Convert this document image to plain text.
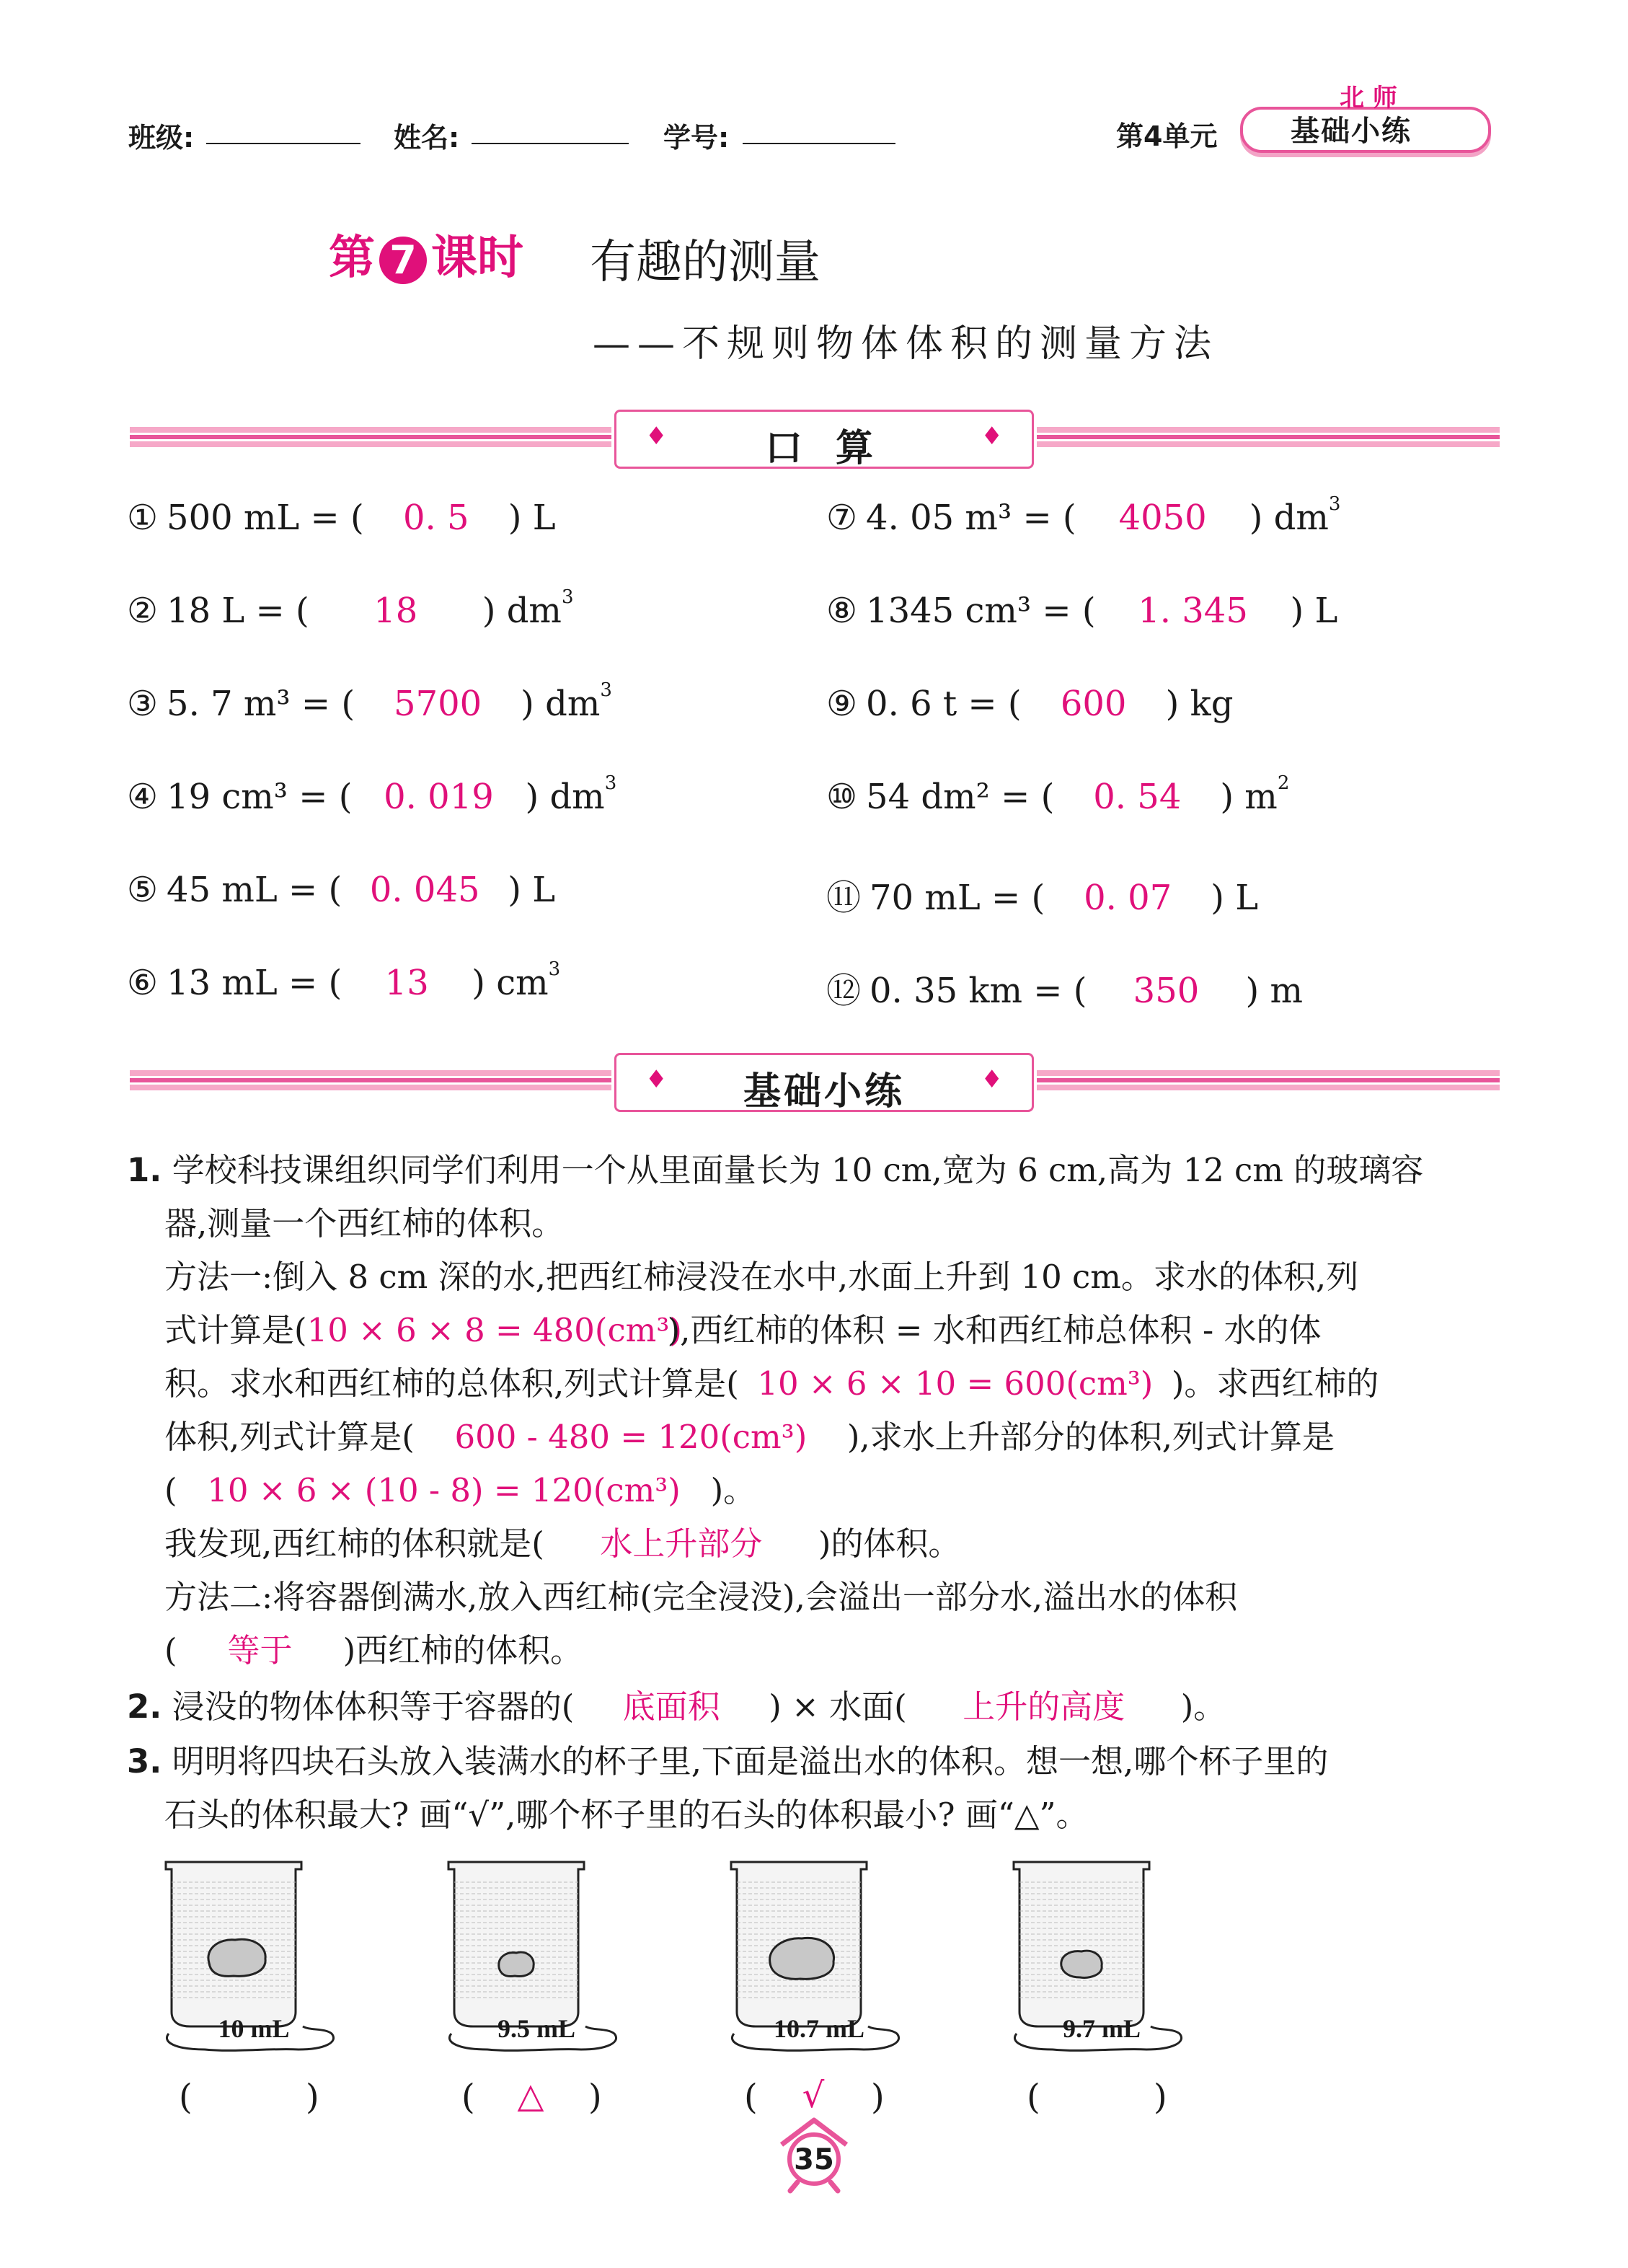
班级:	姓名:	学号:	第4单元
北 师
基础小练
第 7 课时 有趣的测量
——不规则物体体积的测量方法
♦	口 算	♦
① 500 mL = ( 0. 5 ) L
② 18 L = ( 18 ) $dm^3$
③ 5. 7 m³ = ( 5700 ) $dm^3$
④ 19 cm³ = ( 0. 019 ) $dm^3$
⑤ 45 mL = ( 0. 045 ) L
⑥ 13 mL = ( 13 ) $cm^3$
⑦ 4. 05 m³ = ( 4050 ) $dm^3$
⑧ 1345 cm³ = ( 1. 345 ) L
⑨ 0. 6 t = ( 600 ) kg
⑩ 54 dm² = ( 0. 54 ) $m^2$
⑪ 70 mL = ( 0. 07 ) L
⑫ 0. 35 km = ( 350 ) m
♦	基础小练	♦
1. 学校科技课组织同学们利用一个从里面量长为 10 cm,宽为 6 cm,高为 12 cm 的玻璃容
器,测量一个西红柿的体积。
方法一:倒入 8 cm 深的水,把西红柿浸没在水中,水面上升到 10 cm。求水的体积,列
式计算是(10 × 6 × 8 = 480(cm³)),西红柿的体积 = 水和西红柿总体积 - 水的体
积。求水和西红柿的总体积,列式计算是( 10 × 6 × 10 = 600(cm³) )。求西红柿的
体积,列式计算是( 600 - 480 = 120(cm³) ),求水上升部分的体积,列式计算是
( 10 × 6 × (10 - 8) = 120(cm³) )。
我发现,西红柿的体积就是( 水上升部分 )的体积。
方法二:将容器倒满水,放入西红柿(完全浸没),会溢出一部分水,溢出水的体积
( 等于 )西红柿的体积。
2. 浸没的物体体积等于容器的( 底面积 ) × 水面( 上升的高度 )。
3. 明明将四块石头放入装满水的杯子里,下面是溢出水的体积。想一想,哪个杯子里的
石头的体积最大? 画“√”,哪个杯子里的石头的体积最小? 画“△”。
10 mL
(	)
9.5 mL
(	△	)
10.7 mL
(	√	)
9.7 mL
(	)
35
